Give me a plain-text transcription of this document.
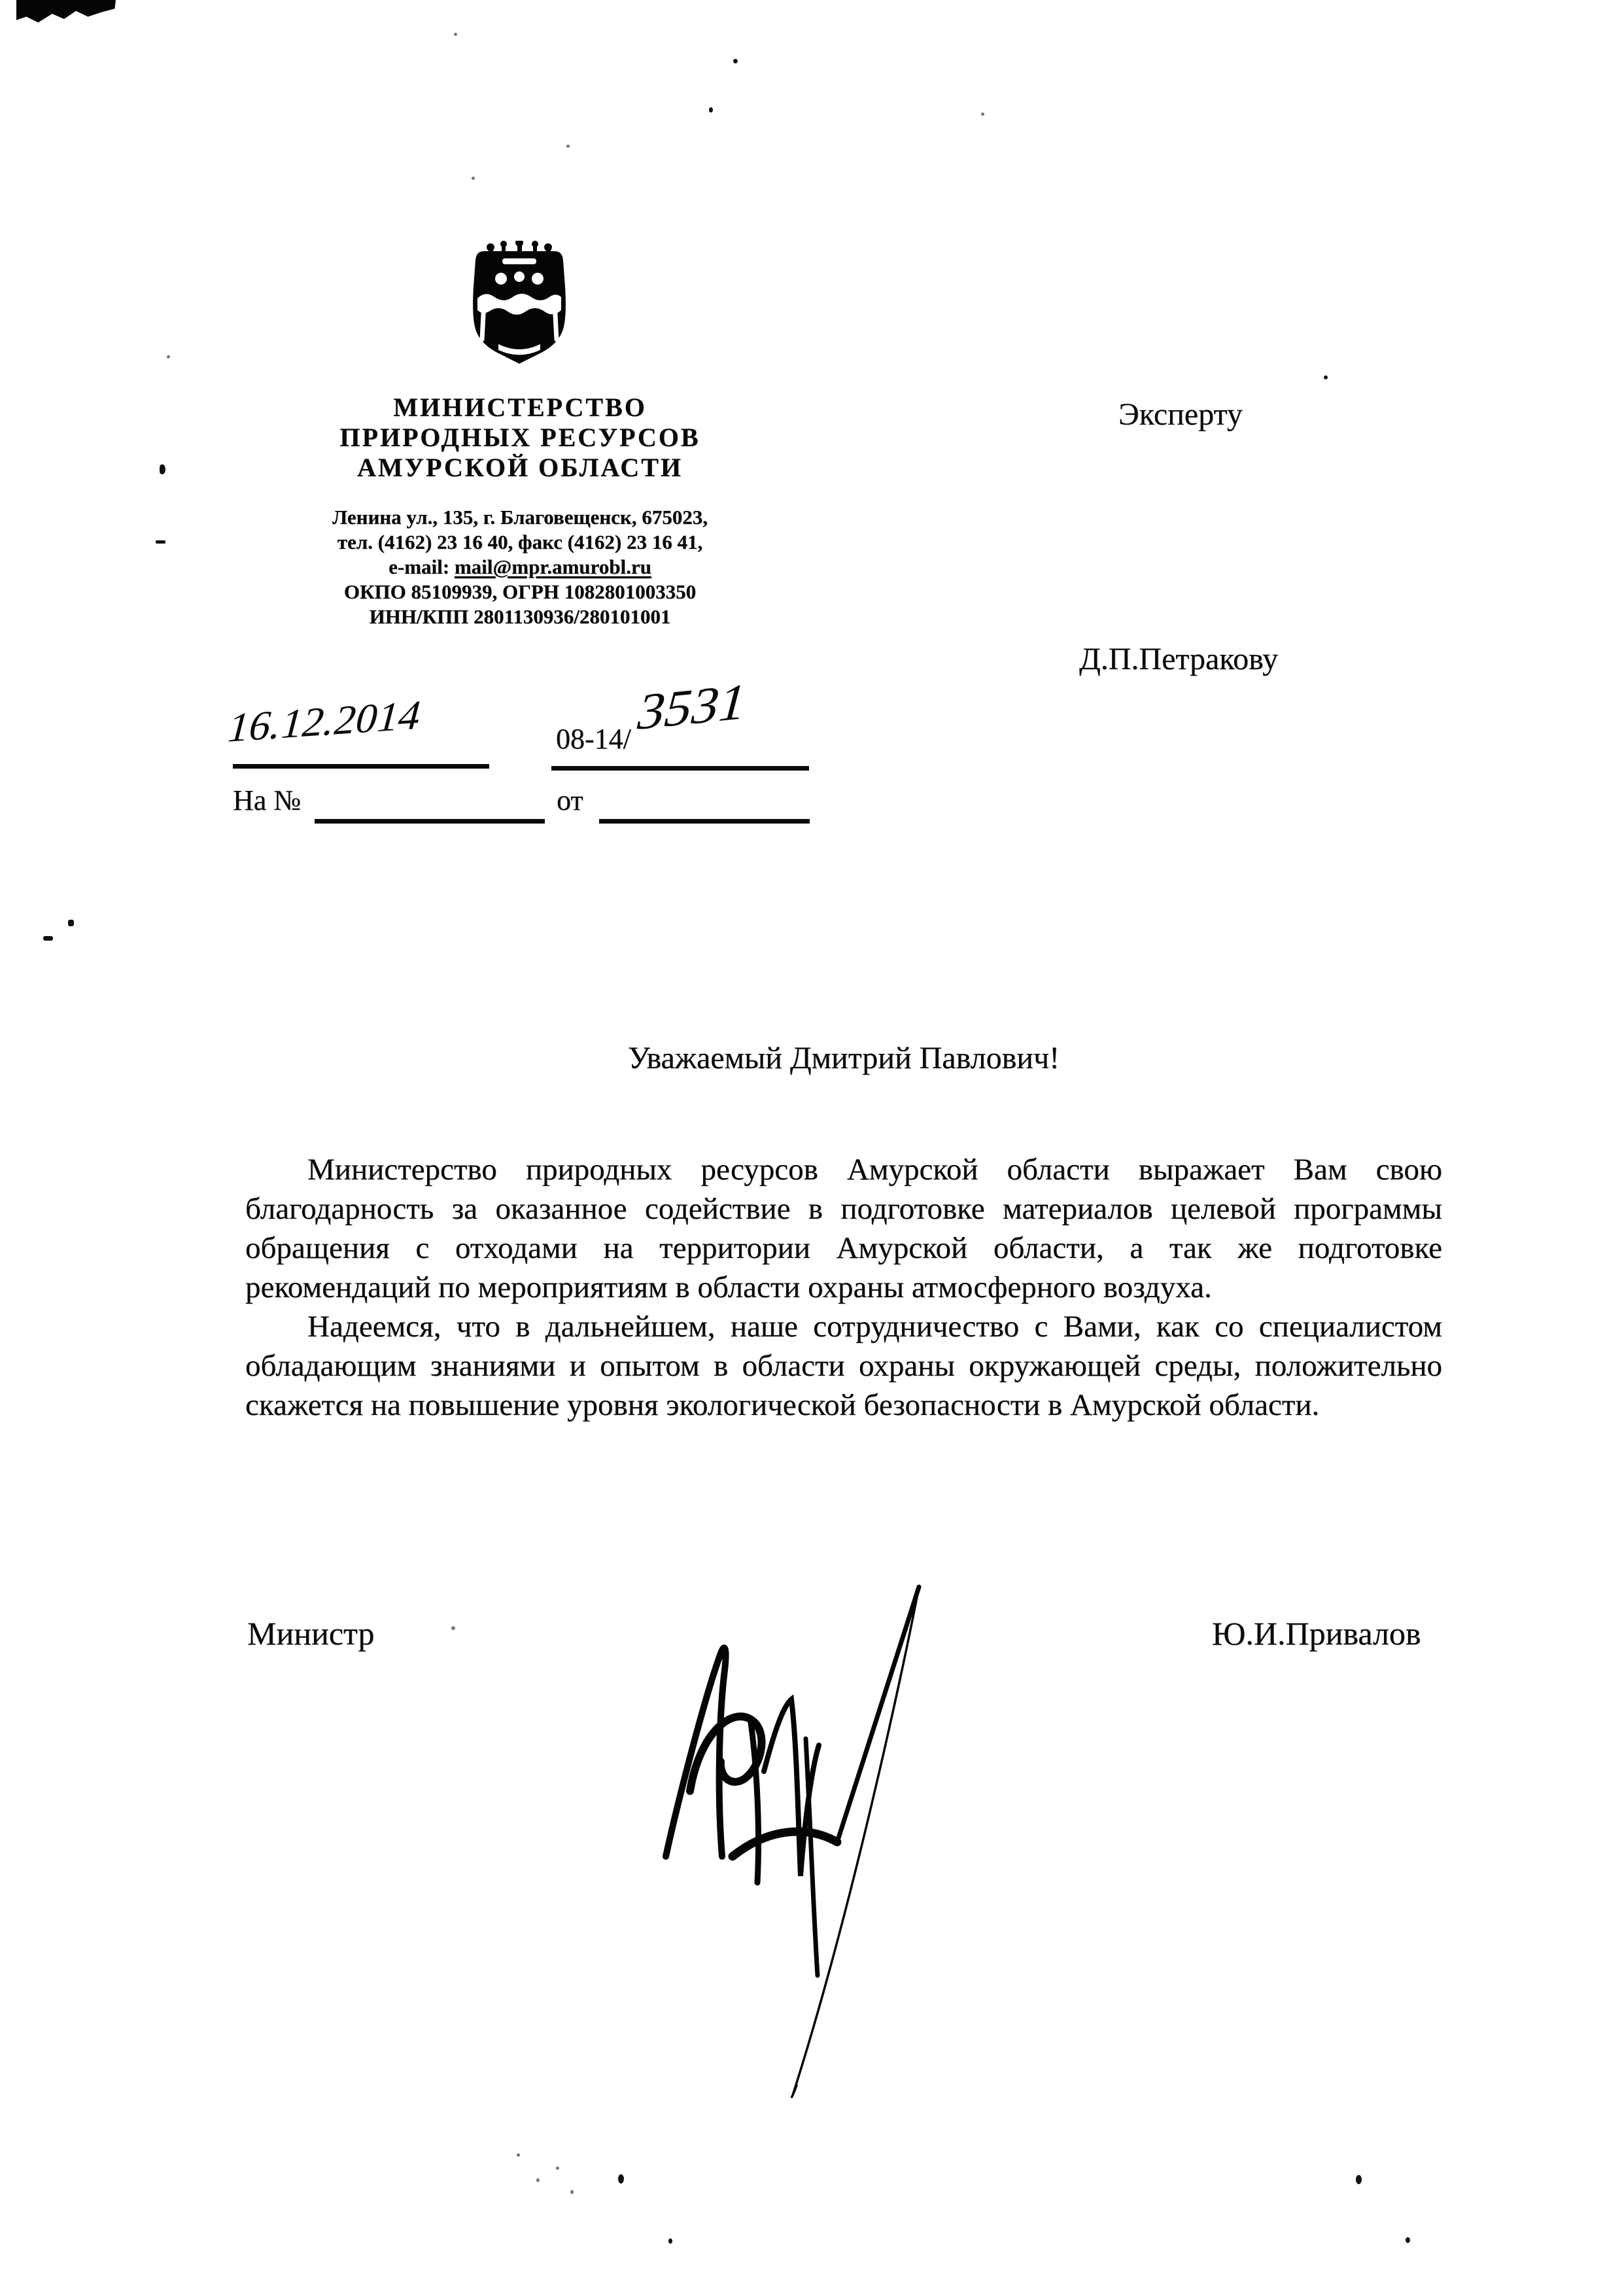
МИНИСТЕРСТВО
ПРИРОДНЫХ РЕСУРСОВ
АМУРСКОЙ ОБЛАСТИ
Ленина ул., 135, г. Благовещенск, 675023,
тел. (4162) 23 16 40, факс (4162) 23 16 41,
e-mail: mail@mpr.amurobl.ru
ОКПО 85109939, ОГРН 1082801003350
ИНН/КПП 2801130936/280101001
Эксперту
Д.П.Петракову
16.12.2014	08-14/ 3531
На №	от

Уважаемый Дмитрий Павлович!

Министерство природных ресурсов Амурской области выражает Вам свою благодарность за оказанное содействие в подготовке материалов целевой программы обращения с отходами на территории Амурской области, а так же подготовке рекомендаций по мероприятиям в области охраны атмосферного воздуха.

Надеемся, что в дальнейшем, наше сотрудничество с Вами, как со специалистом обладающим знаниями и опытом в области охраны окружающей среды, положительно скажется на повышение уровня экологической безопасности в Амурской области.

Министр	Ю.И.Привалов
